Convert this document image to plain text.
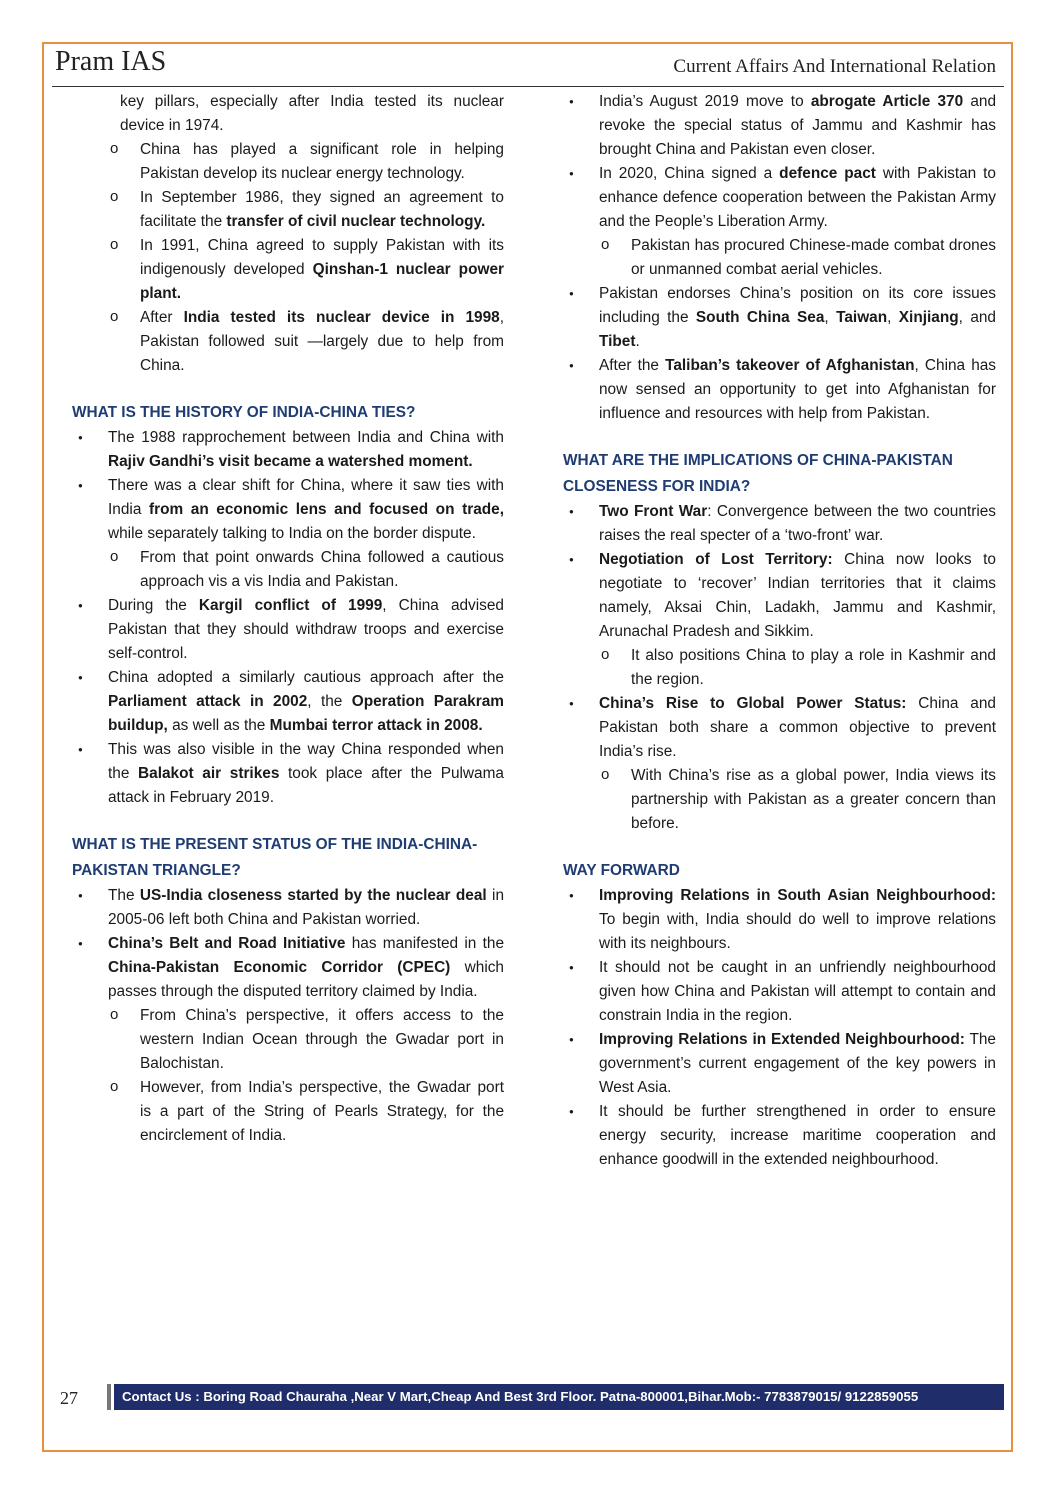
Pram IAS	Current Affairs And International Relation
key pillars, especially after India tested its nuclear device in 1974.
o China has played a significant role in helping Pakistan develop its nuclear energy technology.
o In September 1986, they signed an agreement to facilitate the transfer of civil nuclear technology.
o In 1991, China agreed to supply Pakistan with its indigenously developed Qinshan-1 nuclear power plant.
o After India tested its nuclear device in 1998, Pakistan followed suit —largely due to help from China.
WHAT IS THE HISTORY OF INDIA-CHINA TIES?
● The 1988 rapprochement between India and China with Rajiv Gandhi’s visit became a watershed moment.
● There was a clear shift for China, where it saw ties with India from an economic lens and focused on trade, while separately talking to India on the border dispute.
o From that point onwards China followed a cautious approach vis a vis India and Pakistan.
● During the Kargil conflict of 1999, China advised Pakistan that they should withdraw troops and exercise self-control.
● China adopted a similarly cautious approach after the Parliament attack in 2002, the Operation Parakram buildup, as well as the Mumbai terror attack in 2008.
● This was also visible in the way China responded when the Balakot air strikes took place after the Pulwama attack in February 2019.
WHAT IS THE PRESENT STATUS OF THE INDIA-CHINA-PAKISTAN TRIANGLE?
● The US-India closeness started by the nuclear deal in 2005-06 left both China and Pakistan worried.
● China’s Belt and Road Initiative has manifested in the China-Pakistan Economic Corridor (CPEC) which passes through the disputed territory claimed by India.
o From China’s perspective, it offers access to the western Indian Ocean through the Gwadar port in Balochistan.
o However, from India’s perspective, the Gwadar port is a part of the String of Pearls Strategy, for the encirclement of India.
● India’s August 2019 move to abrogate Article 370 and revoke the special status of Jammu and Kashmir has brought China and Pakistan even closer.
● In 2020, China signed a defence pact with Pakistan to enhance defence cooperation between the Pakistan Army and the People’s Liberation Army.
o Pakistan has procured Chinese-made combat drones or unmanned combat aerial vehicles.
● Pakistan endorses China’s position on its core issues including the South China Sea, Taiwan, Xinjiang, and Tibet.
● After the Taliban’s takeover of Afghanistan, China has now sensed an opportunity to get into Afghanistan for influence and resources with help from Pakistan.
WHAT ARE THE IMPLICATIONS OF CHINA-PAKISTAN CLOSENESS FOR INDIA?
● Two Front War: Convergence between the two countries raises the real specter of a ‘two-front’ war.
● Negotiation of Lost Territory: China now looks to negotiate to ‘recover’ Indian territories that it claims namely, Aksai Chin, Ladakh, Jammu and Kashmir, Arunachal Pradesh and Sikkim.
o It also positions China to play a role in Kashmir and the region.
● China’s Rise to Global Power Status: China and Pakistan both share a common objective to prevent India’s rise.
o With China’s rise as a global power, India views its partnership with Pakistan as a greater concern than before.
WAY FORWARD
● Improving Relations in South Asian Neighbourhood: To begin with, India should do well to improve relations with its neighbours.
● It should not be caught in an unfriendly neighbourhood given how China and Pakistan will attempt to contain and constrain India in the region.
● Improving Relations in Extended Neighbourhood: The government’s current engagement of the key powers in West Asia.
● It should be further strengthened in order to ensure energy security, increase maritime cooperation and enhance goodwill in the extended neighbourhood.
27	Contact Us : Boring Road Chauraha ,Near V Mart,Cheap And Best 3rd Floor. Patna-800001,Bihar.Mob:- 7783879015/ 9122859055
